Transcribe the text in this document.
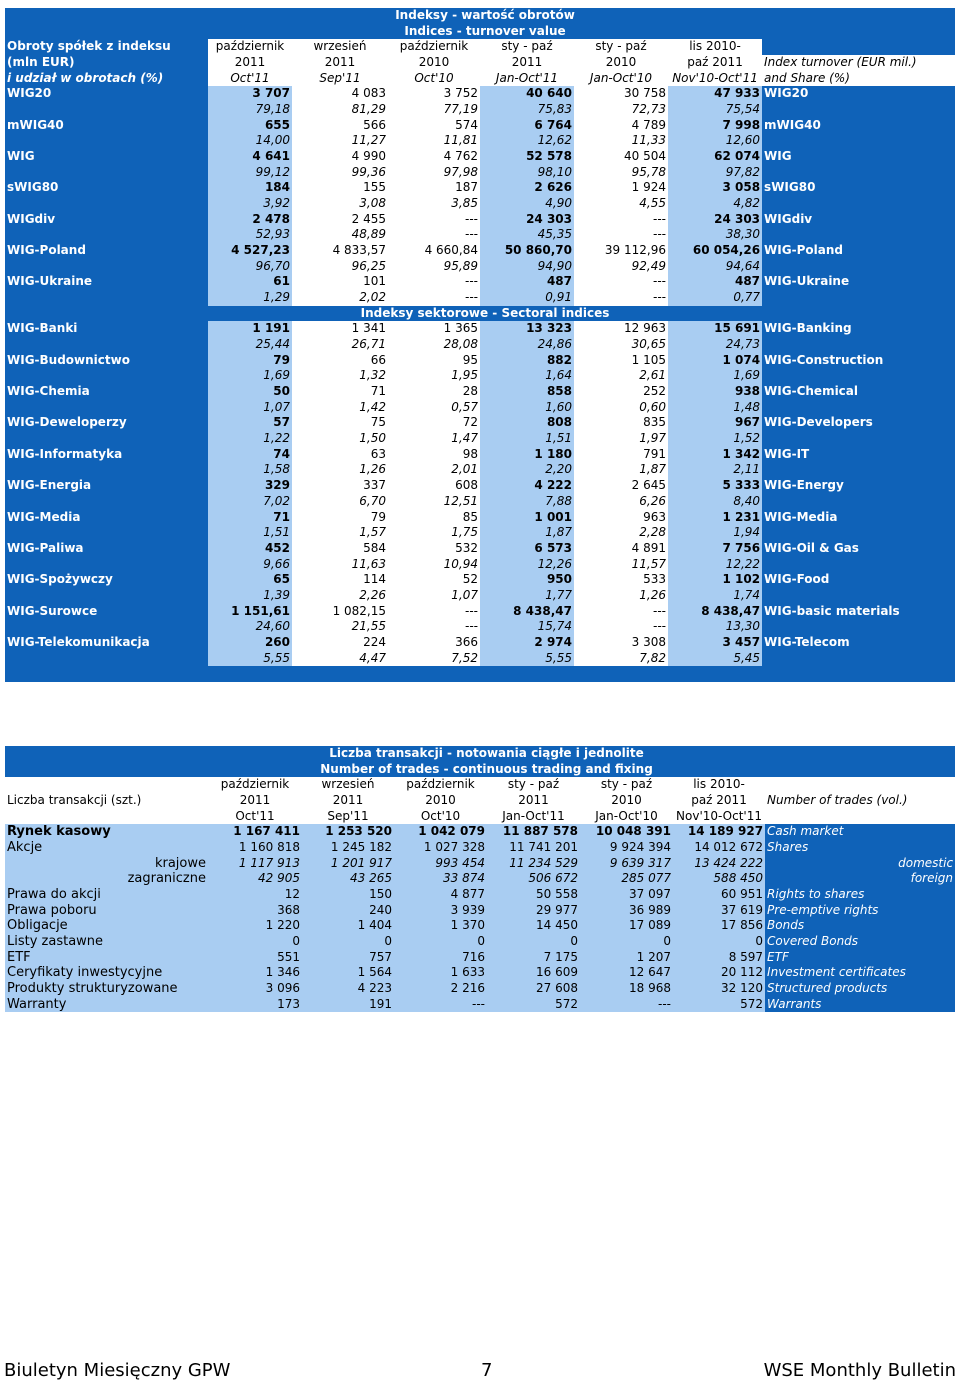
	Indeksy - wartość obrotów						
	Indices - turnover value						
Obroty spółek z indeksu	październik	wrzesień	październik	sty - paź	sty - paź	lis 2010-	
(mln EUR)	2011	2011	2010	2011	2010	paź 2011	Index turnover (EUR mil.)
i udział w obrotach (%)	Oct'11	Sep'11	Oct'10	Jan-Oct'11	Jan-Oct'10	Nov'10-Oct'11	and Share (%)
WIG20	3 707	4 083	3 752	40 640	30 758	47 933	WIG20
	79,18	81,29	77,19	75,83	72,73	75,54	
mWIG40	655	566	574	6 764	4 789	7 998	mWIG40
	14,00	11,27	11,81	12,62	11,33	12,60	
WIG	4 641	4 990	4 762	52 578	40 504	62 074	WIG
	99,12	99,36	97,98	98,10	95,78	97,82	
sWIG80	184	155	187	2 626	1 924	3 058	sWIG80
	3,92	3,08	3,85	4,90	4,55	4,82	
WIGdiv	2 478	2 455	---	24 303	---	24 303	WIGdiv
	52,93	48,89	---	45,35	---	38,30	
WIG-Poland	4 527,23	4 833,57	4 660,84	50 860,70	39 112,96	60 054,26	WIG-Poland
	96,70	96,25	95,89	94,90	92,49	94,64	
WIG-Ukraine	61	101	---	487	---	487	WIG-Ukraine
	1,29	2,02	---	0,91	---	0,77	
	Indeksy sektorowe - Sectoral indices						
WIG-Banki	1 191	1 341	1 365	13 323	12 963	15 691	WIG-Banking
	25,44	26,71	28,08	24,86	30,65	24,73	
WIG-Budownictwo	79	66	95	882	1 105	1 074	WIG-Construction
	1,69	1,32	1,95	1,64	2,61	1,69	
WIG-Chemia	50	71	28	858	252	938	WIG-Chemical
	1,07	1,42	0,57	1,60	0,60	1,48	
WIG-Deweloperzy	57	75	72	808	835	967	WIG-Developers
	1,22	1,50	1,47	1,51	1,97	1,52	
WIG-Informatyka	74	63	98	1 180	791	1 342	WIG-IT
	1,58	1,26	2,01	2,20	1,87	2,11	
WIG-Energia	329	337	608	4 222	2 645	5 333	WIG-Energy
	7,02	6,70	12,51	7,88	6,26	8,40	
WIG-Media	71	79	85	1 001	963	1 231	WIG-Media
	1,51	1,57	1,75	1,87	2,28	1,94	
WIG-Paliwa	452	584	532	6 573	4 891	7 756	WIG-Oil & Gas
	9,66	11,63	10,94	12,26	11,57	12,22	
WIG-Spożywczy	65	114	52	950	533	1 102	WIG-Food
	1,39	2,26	1,07	1,77	1,26	1,74	
WIG-Surowce	1 151,61	1 082,15	---	8 438,47	---	8 438,47	WIG-basic materials
	24,60	21,55	---	15,74	---	13,30	
WIG-Telekomunikacja	260	224	366	2 974	3 308	3 457	WIG-Telecom
	5,55	4,47	7,52	5,55	7,82	5,45	

	Liczba transakcji - notowania ciągłe i jednolite						
	Number of trades - continuous trading and fixing						
	październik	wrzesień	październik	sty - paź	sty - paź	lis 2010-	
Liczba transakcji (szt.)	2011	2011	2010	2011	2010	paź 2011	Number of trades (vol.)
	Oct'11	Sep'11	Oct'10	Jan-Oct'11	Jan-Oct'10	Nov'10-Oct'11	
Rynek kasowy	1 167 411	1 253 520	1 042 079	11 887 578	10 048 391	14 189 927	Cash market
Akcje	1 160 818	1 245 182	1 027 328	11 741 201	9 924 394	14 012 672	Shares
krajowe	1 117 913	1 201 917	993 454	11 234 529	9 639 317	13 424 222	domestic
zagraniczne	42 905	43 265	33 874	506 672	285 077	588 450	foreign
Prawa do akcji	12	150	4 877	50 558	37 097	60 951	Rights to shares
Prawa poboru	368	240	3 939	29 977	36 989	37 619	Pre-emptive rights
Obligacje	1 220	1 404	1 370	14 450	17 089	17 856	Bonds
Listy zastawne	0	0	0	0	0	0	Covered Bonds
ETF	551	757	716	7 175	1 207	8 597	ETF
Ceryfikaty inwestycyjne	1 346	1 564	1 633	16 609	12 647	20 112	Investment certificates
Produkty strukturyzowane	3 096	4 223	2 216	27 608	18 968	32 120	Structured products
Warranty	173	191	---	572	---	572	Warrants
Biuletyn Miesięczny GPW	7	WSE Monthly Bulletin
